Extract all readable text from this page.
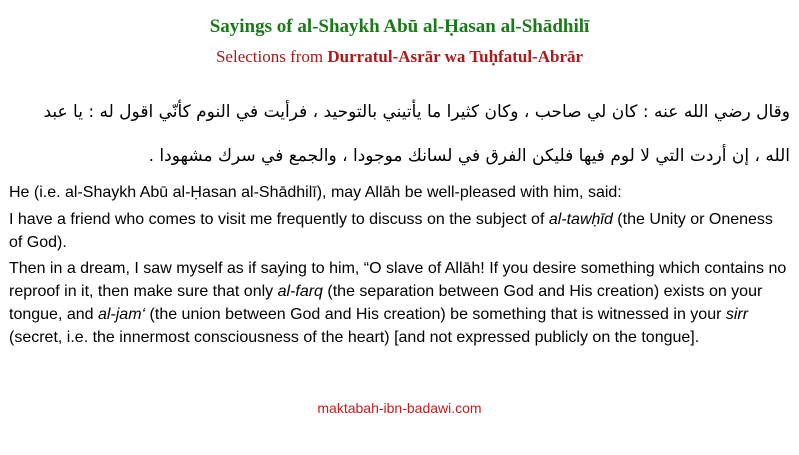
Sayings of al-Shaykh Abū al-Ḥasan al-Shādhilī
Selections from Durratul-Asrār wa Tuḥfatul-Abrār
وقال رضي الله عنه : كان لي صاحب ، وكان كثيرا ما يأتيني بالتوحيد ، فرأيت في النوم كأنّي اقول له : يا عبد الله ، إن أردت التي لا لوم فيها فليكن الفرق في لسانك موجودا ، والجمع في سرك مشهودا .
He (i.e. al-Shaykh Abū al-Ḥasan al-Shādhilī), may Allāh be well-pleased with him, said:
I have a friend who comes to visit me frequently to discuss on the subject of al-tawḥīd (the Unity or Oneness of God).
Then in a dream, I saw myself as if saying to him, “O slave of Allāh! If you desire something which contains no reproof in it, then make sure that only al-farq (the separation between God and His creation) exists on your tongue, and al-jam‘ (the union between God and His creation) be something that is witnessed in your sirr (secret, i.e. the innermost consciousness of the heart) [and not expressed publicly on the tongue].
maktabah-ibn-badawi.com
